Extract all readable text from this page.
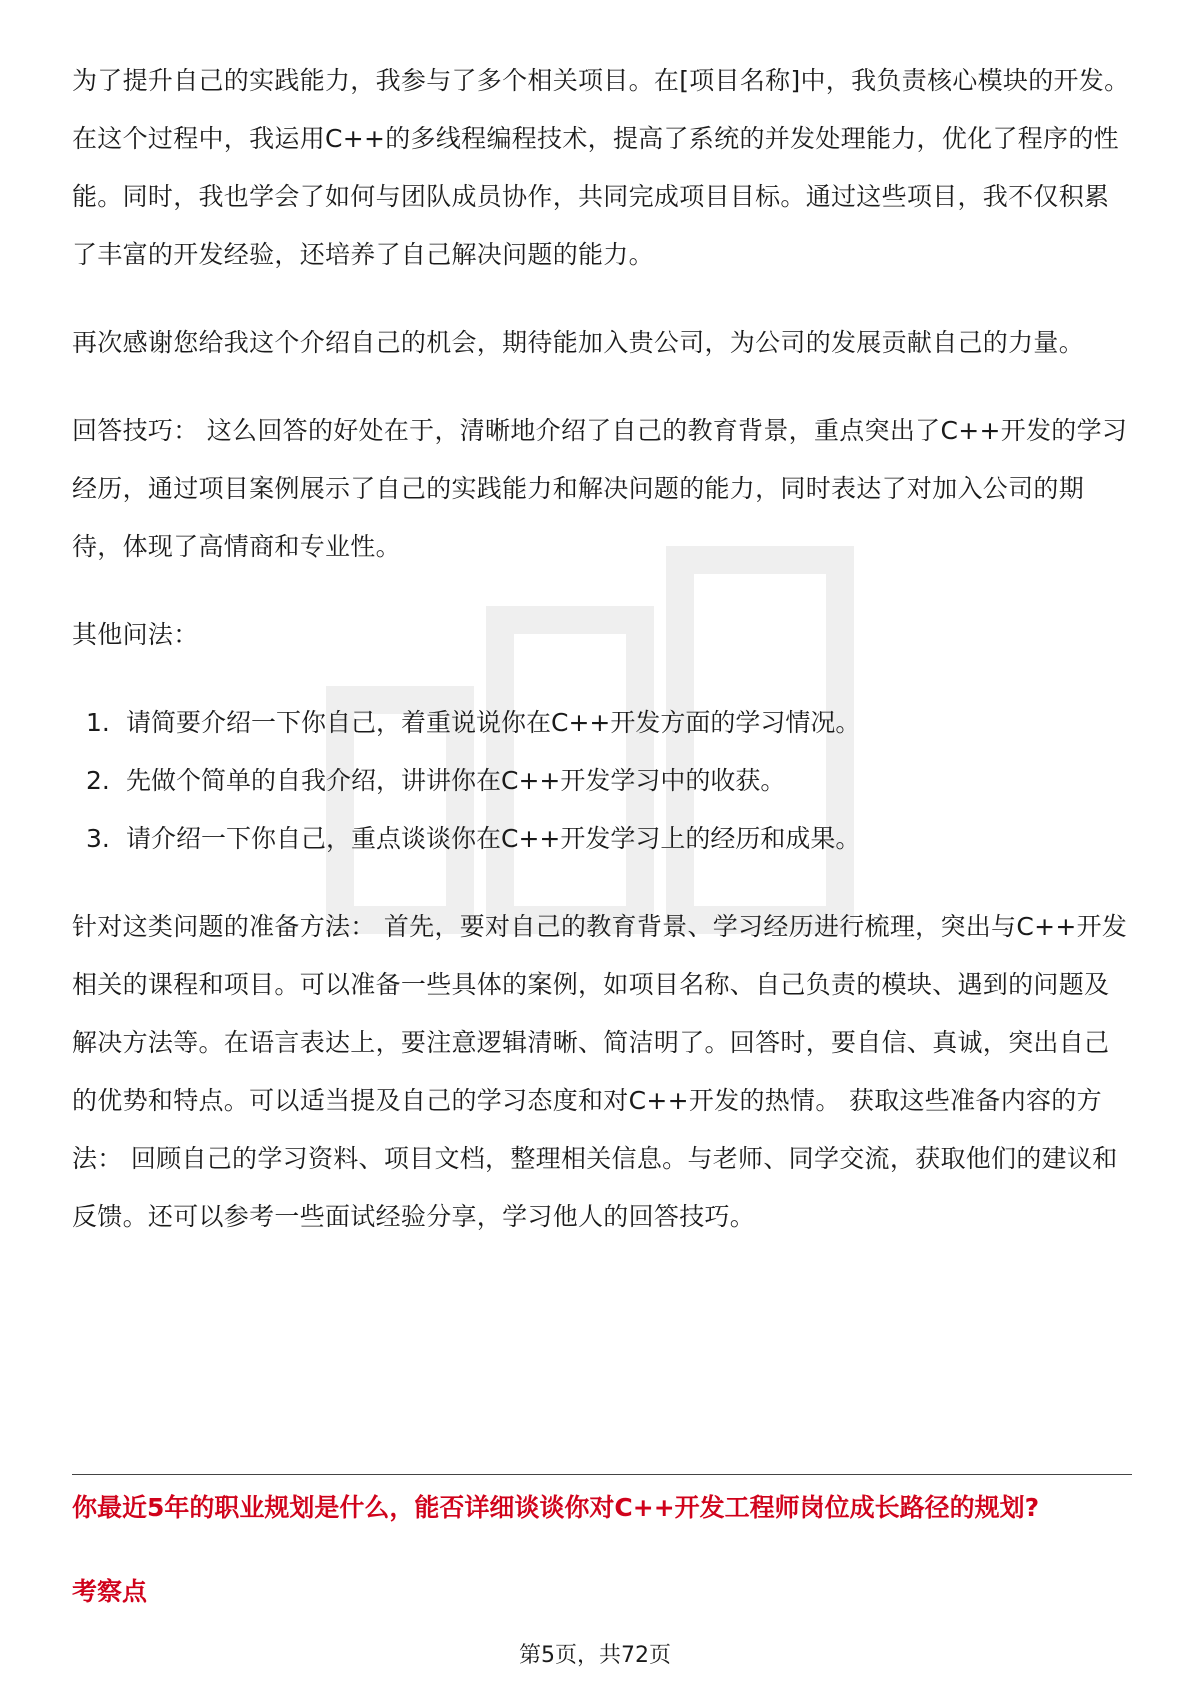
为了提升自己的实践能力，我参与了多个相关项目。在[项目名称]中，我负责核心模块的开发。在这个过程中，我运用C++的多线程编程技术，提高了系统的并发处理能力，优化了程序的性能。同时，我也学会了如何与团队成员协作，共同完成项目目标。通过这些项目，我不仅积累了丰富的开发经验，还培养了自己解决问题的能力。

再次感谢您给我这个介绍自己的机会，期待能加入贵公司，为公司的发展贡献自己的力量。

回答技巧： 这么回答的好处在于，清晰地介绍了自己的教育背景，重点突出了C++开发的学习经历，通过项目案例展示了自己的实践能力和解决问题的能力，同时表达了对加入公司的期待，体现了高情商和专业性。

其他问法：

1. 请简要介绍一下你自己，着重说说你在C++开发方面的学习情况。
2. 先做个简单的自我介绍，讲讲你在C++开发学习中的收获。
3. 请介绍一下你自己，重点谈谈你在C++开发学习上的经历和成果。

针对这类问题的准备方法： 首先，要对自己的教育背景、学习经历进行梳理，突出与C++开发相关的课程和项目。可以准备一些具体的案例，如项目名称、自己负责的模块、遇到的问题及解决方法等。在语言表达上，要注意逻辑清晰、简洁明了。回答时，要自信、真诚，突出自己的优势和特点。可以适当提及自己的学习态度和对C++开发的热情。 获取这些准备内容的方法： 回顾自己的学习资料、项目文档，整理相关信息。与老师、同学交流，获取他们的建议和反馈。还可以参考一些面试经验分享，学习他人的回答技巧。

你最近5年的职业规划是什么，能否详细谈谈你对C++开发工程师岗位成长路径的规划?
考察点
第5页，共72页
